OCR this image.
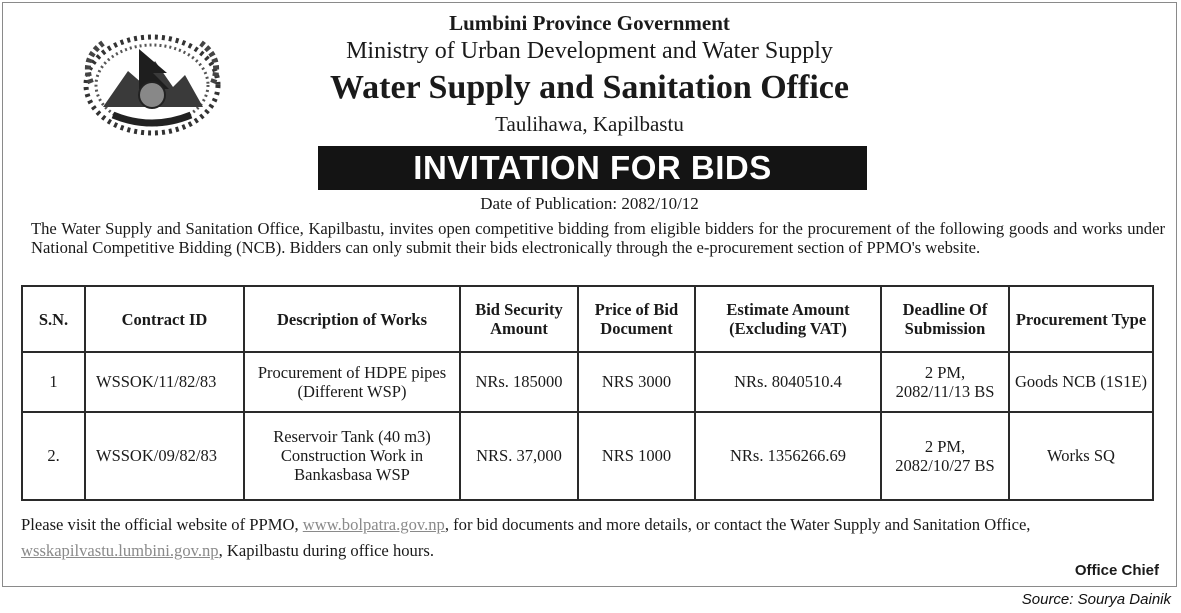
Lumbini Province Government
Ministry of Urban Development and Water Supply
Water Supply and Sanitation Office
Taulihawa, Kapilbastu
INVITATION FOR BIDS
Date of Publication: 2082/10/12
The Water Supply and Sanitation Office, Kapilbastu, invites open competitive bidding from eligible bidders for the procurement of the following goods and works under National Competitive Bidding (NCB). Bidders can only submit their bids electronically through the e-procurement section of PPMO's website.
S.N.	Contract ID	Description of Works	Bid Security Amount	Price of Bid Document	Estimate Amount (Excluding VAT)	Deadline Of Submission	Procurement Type
1	WSSOK/11/82/83	Procurement of HDPE pipes (Different WSP)	NRs. 185000	NRS 3000	NRs. 8040510.4	2 PM, 2082/11/13 BS	Goods NCB (1S1E)
2.	WSSOK/09/82/83	Reservoir Tank (40 m3) Construction Work in Bankasbasa WSP	NRS. 37,000	NRS 1000	NRs. 1356266.69	2 PM, 2082/10/27 BS	Works SQ
Please visit the official website of PPMO, www.bolpatra.gov.np, for bid documents and more details, or contact the Water Supply and Sanitation Office, wsskapilvastu.lumbini.gov.np, Kapilbastu during office hours.
Office Chief
Source: Sourya Dainik
